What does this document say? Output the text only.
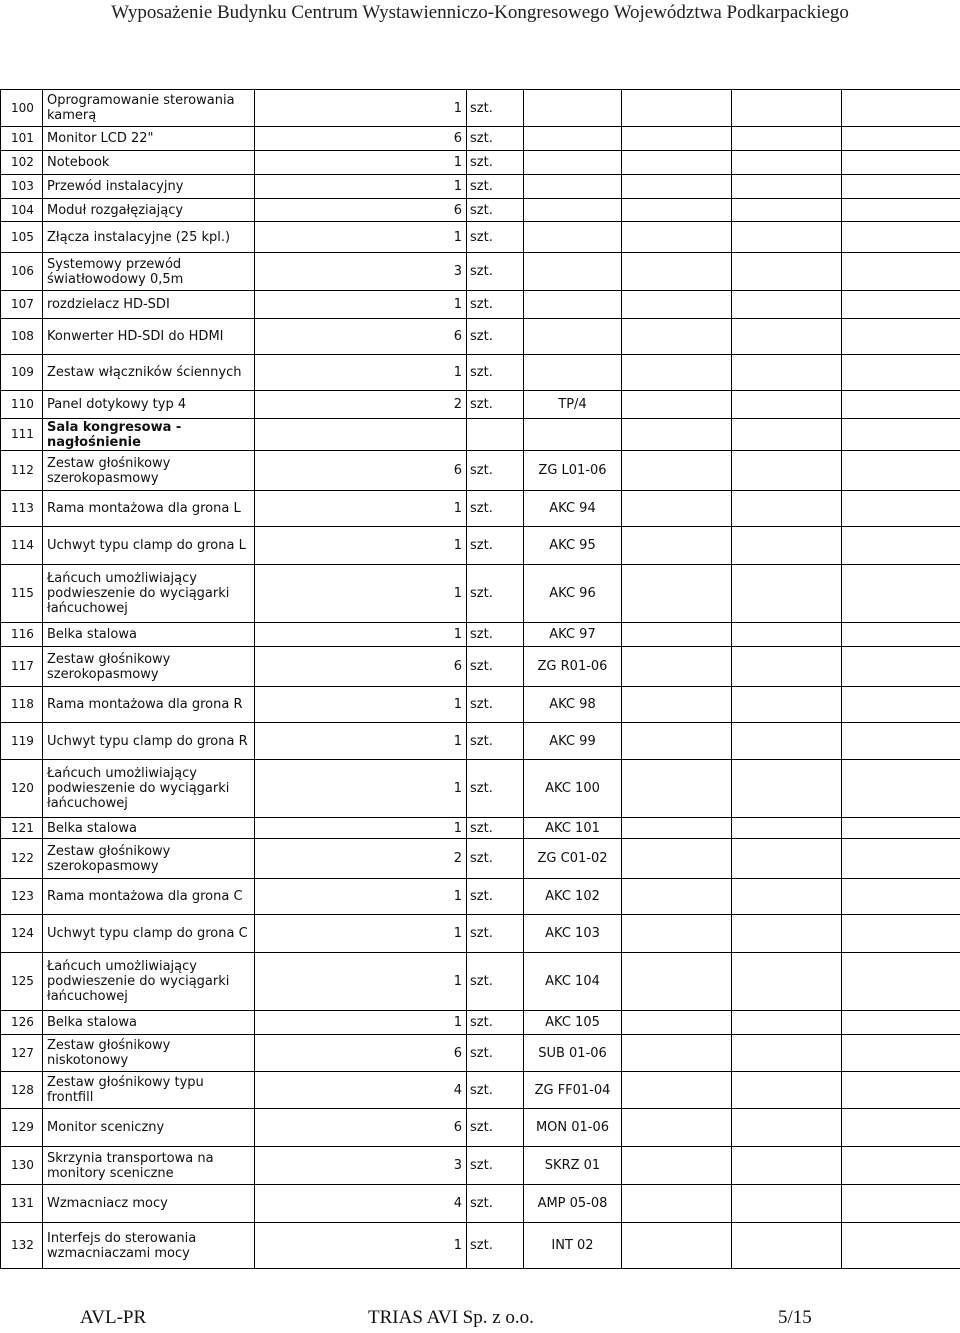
Wyposażenie Budynku Centrum Wystawienniczo-Kongresowego Województwa Podkarpackiego
100	Oprogramowanie sterowania kamerą	1	szt.				
101	Monitor LCD 22"	6	szt.				
102	Notebook	1	szt.				
103	Przewód instalacyjny	1	szt.				
104	Moduł rozgałęziający	6	szt.				
105	Złącza instalacyjne (25 kpl.)	1	szt.				
106	Systemowy przewód światłowodowy 0,5m	3	szt.				
107	rozdzielacz HD-SDI	1	szt.				
108	Konwerter HD-SDI do HDMI	6	szt.				
109	Zestaw włączników ściennych	1	szt.				
110	Panel dotykowy typ 4	2	szt.	TP/4			
111	Sala kongresowa - nagłośnienie						
112	Zestaw głośnikowy szerokopasmowy	6	szt.	ZG L01-06			
113	Rama montażowa dla grona L	1	szt.	AKC 94			
114	Uchwyt typu clamp do grona L	1	szt.	AKC 95			
115	Łańcuch umożliwiający podwieszenie do wyciągarki łańcuchowej	1	szt.	AKC 96			
116	Belka stalowa	1	szt.	AKC 97			
117	Zestaw głośnikowy szerokopasmowy	6	szt.	ZG R01-06			
118	Rama montażowa dla grona R	1	szt.	AKC 98			
119	Uchwyt typu clamp do grona R	1	szt.	AKC 99			
120	Łańcuch umożliwiający podwieszenie do wyciągarki łańcuchowej	1	szt.	AKC 100			
121	Belka stalowa	1	szt.	AKC 101			
122	Zestaw głośnikowy szerokopasmowy	2	szt.	ZG C01-02			
123	Rama montażowa dla grona C	1	szt.	AKC 102			
124	Uchwyt typu clamp do grona C	1	szt.	AKC 103			
125	Łańcuch umożliwiający podwieszenie do wyciągarki łańcuchowej	1	szt.	AKC 104			
126	Belka stalowa	1	szt.	AKC 105			
127	Zestaw głośnikowy niskotonowy	6	szt.	SUB 01-06			
128	Zestaw głośnikowy typu frontfill	4	szt.	ZG FF01-04			
129	Monitor sceniczny	6	szt.	MON 01-06			
130	Skrzynia transportowa na monitory sceniczne	3	szt.	SKRZ 01			
131	Wzmacniacz mocy	4	szt.	AMP 05-08			
132	Interfejs do sterowania wzmacniaczami mocy	1	szt.	INT 02			
AVL-PR	TRIAS AVI Sp. z o.o.	5/15
